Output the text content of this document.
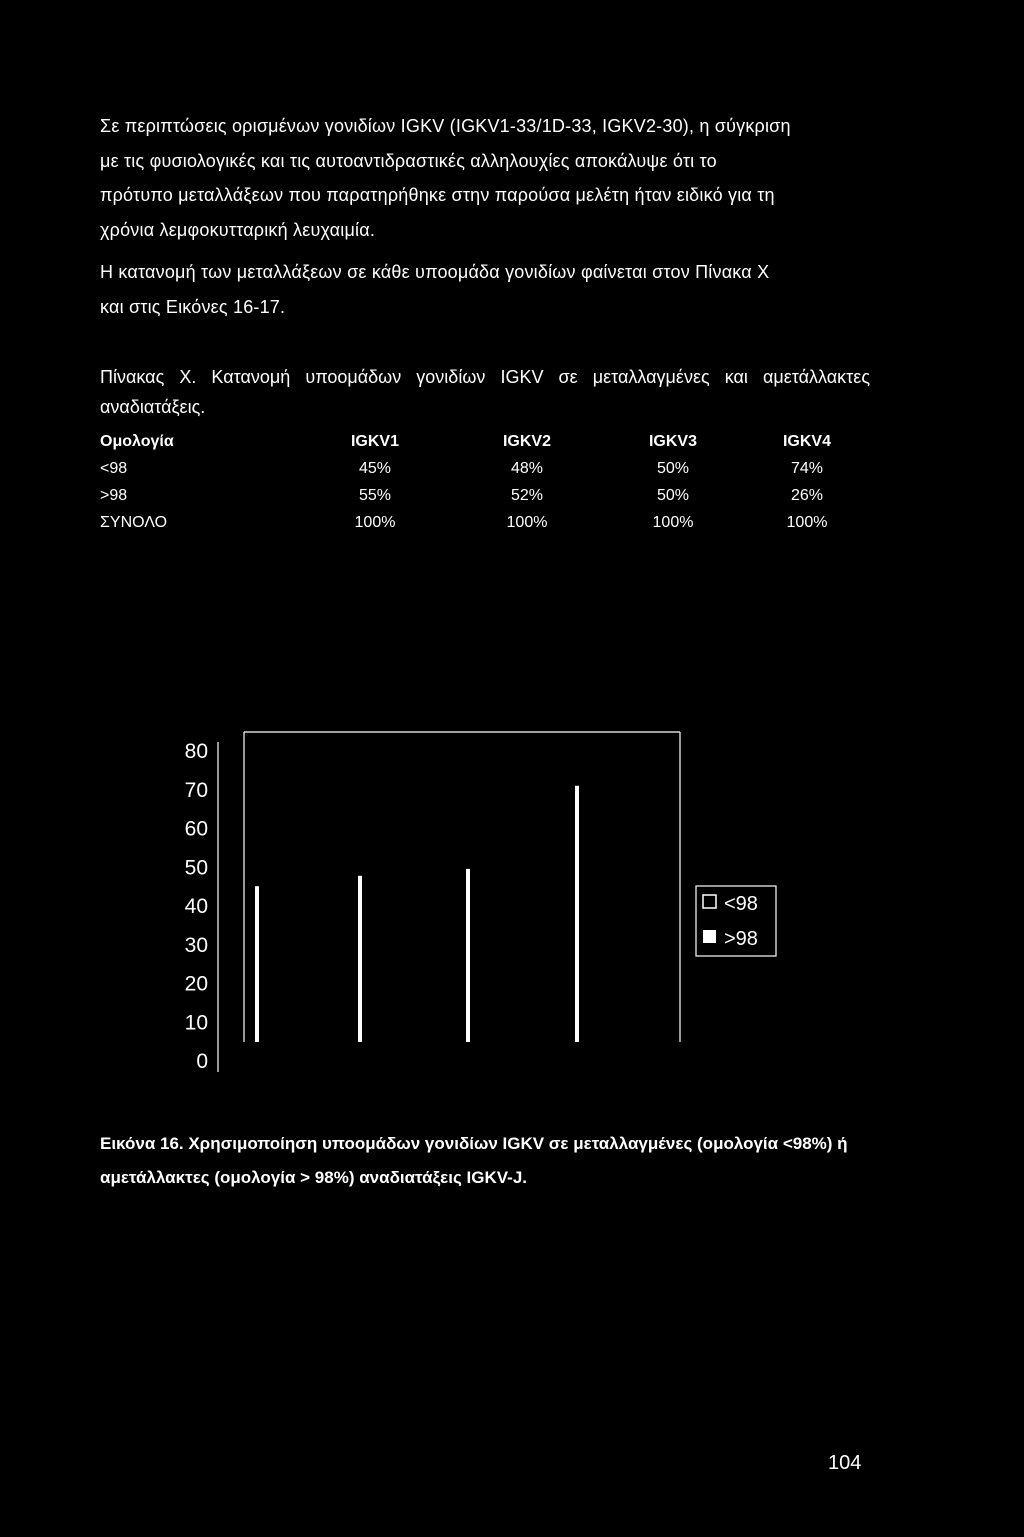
Σε περιπτώσεις ορισμένων γονιδίων IGKV (IGKV1-33/1D-33, IGKV2-30), η σύγκριση

με τις φυσιολογικές και τις αυτοαντιδραστικές αλληλουχίες αποκάλυψε ότι το

πρότυπο μεταλλάξεων που παρατηρήθηκε στην παρούσα μελέτη ήταν ειδικό για τη

χρόνια λεμφοκυτταρική λευχαιμία.

Η κατανομή των μεταλλάξεων σε κάθε υποομάδα γονιδίων φαίνεται στον Πίνακα Χ

και στις Εικόνες 16-17.

Πίνακας Χ. Κατανομή υποομάδων γονιδίων IGKV σε μεταλλαγμένες και αμετάλλακτες αναδιατάξεις.
Ομολογία	IGKV1	IGKV2	IGKV3	IGKV4
<98	45%	48%	50%	74%
>98	55%	52%	50%	26%
ΣΥΝΟΛΟ	100%	100%	100%	100%
0
10
20
30
40
50
60
70
80
<98
>98
Εικόνα 16. Χρησιμοποίηση υποομάδων γονιδίων IGKV σε μεταλλαγμένες (ομολογία <98%) ή
αμετάλλακτες (ομολογία > 98%) αναδιατάξεις IGKV-J.
104
